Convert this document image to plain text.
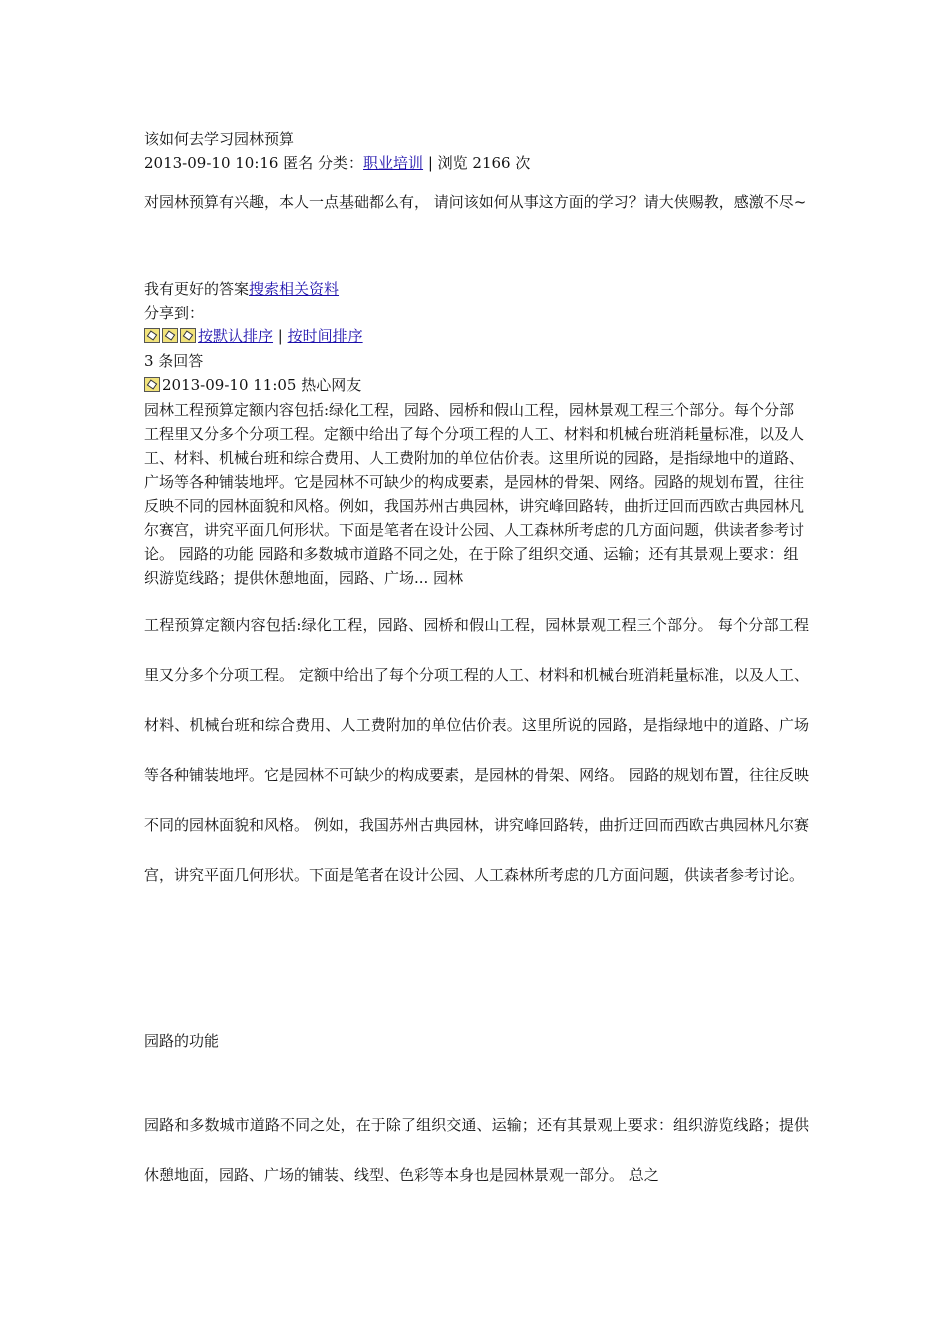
该如何去学习园林预算
2013-09-10 10:16 匿名 分类：职业培训 | 浏览 2166 次
对园林预算有兴趣，本人一点基础都么有， 请问该如何从事这方面的学习？请大侠赐教，感激不尽~
我有更好的答案搜索相关资料
分享到：
按默认排序 | 按时间排序
3 条回答
2013-09-10 11:05 热心网友
园林工程预算定额内容包括:绿化工程，园路、园桥和假山工程，园林景观工程三个部分。每个分部工程里又分多个分项工程。定额中给出了每个分项工程的人工、材料和机械台班消耗量标准，以及人工、材料、机械台班和综合费用、人工费附加的单位估价表。这里所说的园路，是指绿地中的道路、广场等各种铺装地坪。它是园林不可缺少的构成要素，是园林的骨架、网络。园路的规划布置，往往反映不同的园林面貌和风格。例如，我国苏州古典园林，讲究峰回路转，曲折迂回而西欧古典园林凡尔赛宫，讲究平面几何形状。下面是笔者在设计公园、人工森林所考虑的几方面问题，供读者参考讨论。 园路的功能 园路和多数城市道路不同之处，在于除了组织交通、运输；还有其景观上要求：组织游览线路；提供休憩地面，园路、广场... 园林
工程预算定额内容包括:绿化工程，园路、园桥和假山工程，园林景观工程三个部分。 每个分部工程里又分多个分项工程。 定额中给出了每个分项工程的人工、材料和机械台班消耗量标准，以及人工、材料、机械台班和综合费用、人工费附加的单位估价表。这里所说的园路，是指绿地中的道路、广场等各种铺装地坪。它是园林不可缺少的构成要素，是园林的骨架、网络。 园路的规划布置，往往反映不同的园林面貌和风格。 例如，我国苏州古典园林，讲究峰回路转，曲折迂回而西欧古典园林凡尔赛宫，讲究平面几何形状。下面是笔者在设计公园、人工森林所考虑的几方面问题，供读者参考讨论。
园路的功能
园路和多数城市道路不同之处，在于除了组织交通、运输；还有其景观上要求：组织游览线路；提供休憩地面，园路、广场的铺装、线型、色彩等本身也是园林景观一部分。 总之
